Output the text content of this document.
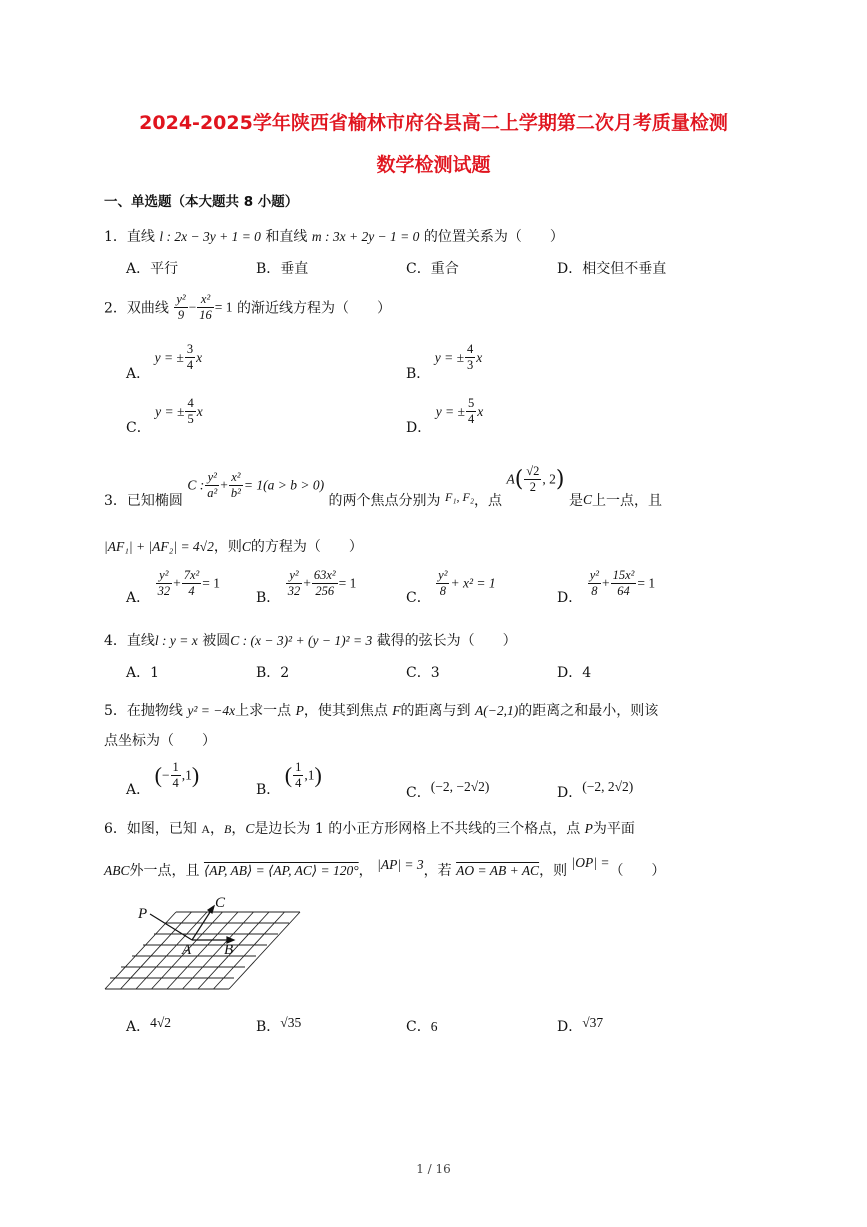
2024-2025学年陕西省榆林市府谷县高二上学期第二次月考质量检测
数学检测试题
一、单选题（本大题共 8 小题）
1．直线 l : 2x − 3y + 1 = 0 和直线 m : 3x + 2y − 1 = 0 的位置关系为（　　）
A．平行	B．垂直	C．重合	D．相交但不垂直
2．双曲线 $\frac{\text{y²}}{9} - \frac{\text{x²}}{16} = 1$ 的渐近线方程为（　　）
A． y = ± $\frac{3}{4}$ x
B． y = ± $\frac{4}{3}$ x
C． y = ± $\frac{4}{5}$ x
D． y = ± $\frac{5}{4}$ x
3．已知椭圆 C : $\frac{\text{y²}}{\text{a²}} + \frac{\text{x²}}{\text{b²}} = 1(a > b > 0)$ 的两个焦点分别为 F₁, F₂，点 $A( \frac{√2}{2}$ , 2) 是C上一点，且
|AF₁| + |AF₂| = 4√2，则C的方程为（　　）
A． $\frac{\text{y²}}{32} + \frac{\text{7x²}}{4} = 1$
B． $\frac{\text{y²}}{32} + \frac{\text{63x²}}{256} = 1$
C． $\frac{\text{y²}}{8} + x^2 = 1$
D． $\frac{\text{y²}}{8} + \frac{\text{15x²}}{64} = 1$
4．直线l : y = x 被圆C : (x − 3)² + (y − 1)² = 3 截得的弦长为（　　）
A．1	B．2	C．3	D．4
5．在抛物线 y² = −4x上求一点 P，使其到焦点 F的距离与到 A(−2,1)的距离之和最小，则该
点坐标为（　　）
A． (− $\frac{1}{4} ,1$)
B． ( $\frac{1}{4} ,1$)
C．(−2, −2√2)	D．(−2, 2√2)
6．如图，已知 A，B，C是边长为 1 的小正方形网格上不共线的三个格点，点 P为平面
ABC外一点，且 ⟨AP, AB⟩ = ⟨AP, AC⟩ = 120°， |AP| = 3，若 AO = AB + AC，则 |OP| =（　　）
P
C
A B
A．4√2	B．√35	C．6	D．√37
1 / 16
